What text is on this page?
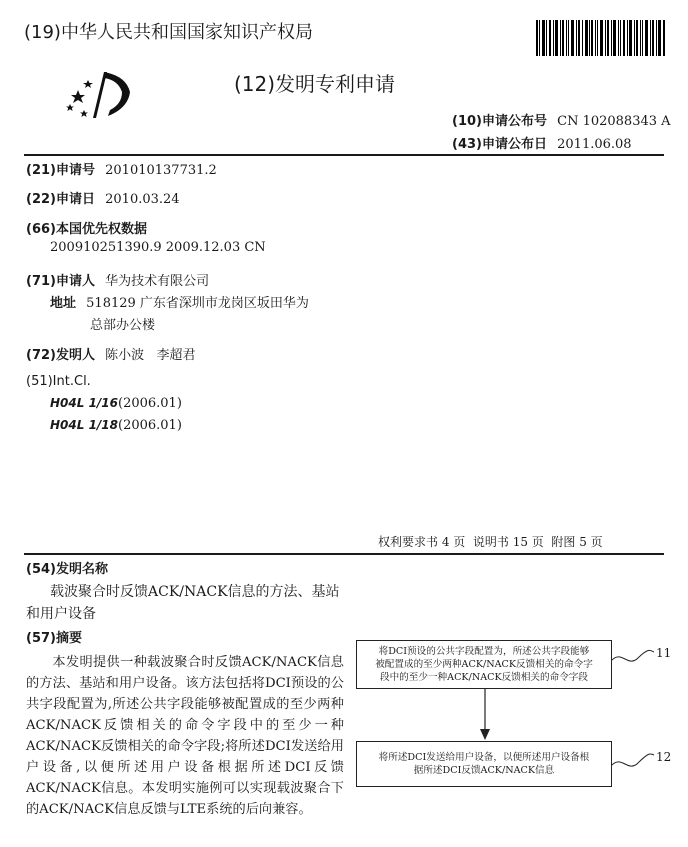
(19)中华人民共和国国家知识产权局
(12)发明专利申请
(10)申请公布号 CN 102088343 A
(43)申请公布日 2011.06.08
(21)申请号 201010137731.2
(22)申请日 2010.03.24
(66)本国优先权数据
200910251390.9 2009.12.03 CN
(71)申请人 华为技术有限公司
地址 518129 广东省深圳市龙岗区坂田华为
总部办公楼
(72)发明人 陈小波   李超君
(51)Int.Cl.
H04L 1/16(2006.01)
H04L 1/18(2006.01)
权利要求书 4 页  说明书 15 页  附图 5 页
(54)发明名称
载波聚合时反馈ACK/NACK信息的方法、基站
和用户设备
(57)摘要
本发明提供一种载波聚合时反馈ACK/NACK信息的方法、基站和用户设备。该方法包括将DCI预设的公共字段配置为,所述公共字段能够被配置成的至少两种ACK/NACK反馈相关的命令字段中的至少一种ACK/NACK反馈相关的命令字段;将所述DCI发送给用户设备,以便所述用户设备根据所述DCI反馈ACK/NACK信息。本发明实施例可以实现载波聚合下的ACK/NACK信息反馈与LTE系统的后向兼容。
将DCI预设的公共字段配置为，所述公共字段能够
被配置成的至少两种ACK/NACK反馈相关的命令字
段中的至少一种ACK/NACK反馈相关的命令字段
将所述DCI发送给用户设备，以便所述用户设备根
据所述DCI反馈ACK/NACK信息
11
12
